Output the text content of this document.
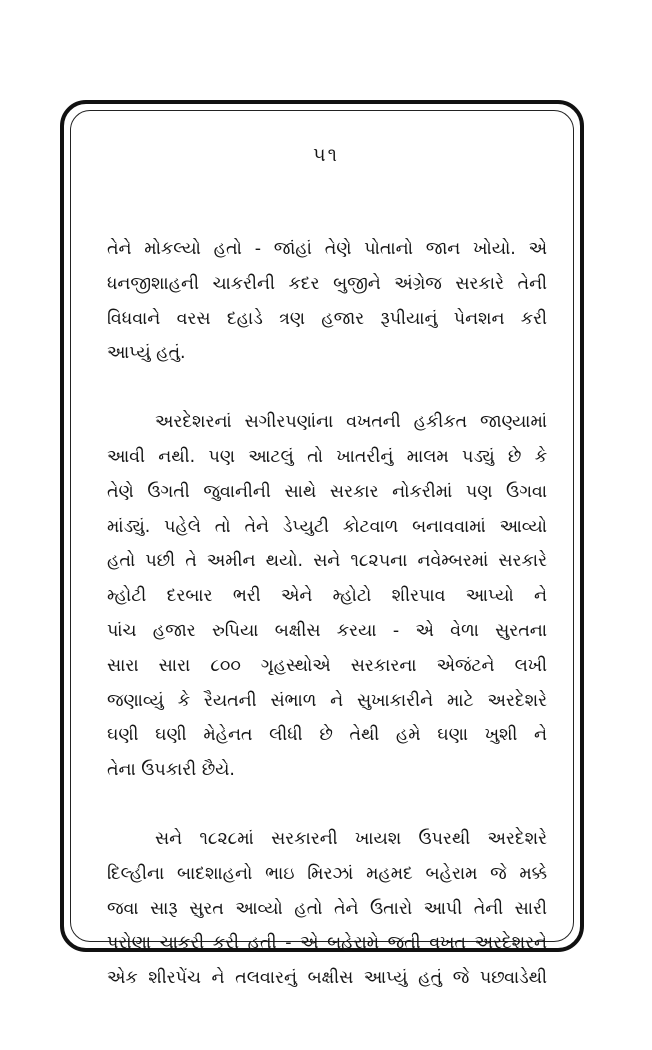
૫૧
તેને મોકલ્યો હતો - જાંહાં તેણે પોતાનો જાન ખોયો. એ
ધનજીશાહની ચાકરીની કદર બુજીને અંગ્રેજ સરકારે તેની
વિધવાને વરસ દહાડે ત્રણ હજાર રૂપીયાનું પેનશન કરી
આપ્યું હતું.
અરદેશરનાં સગીરપણાંના વખતની હકીકત જાણ્યામાં
આવી નથી. પણ આટલું તો ખાતરીનું માલમ પડ્યું છે કે
તેણે ઉગતી જુવાનીની સાથે સરકાર નોકરીમાં પણ ઉગવા
માંડ્યું. પહેલે તો તેને ડેપ્યુટી કોટવાળ બનાવવામાં આવ્યો
હતો પછી તે અમીન થયો. સને ૧૮૨૫ના નવેમ્બરમાં સરકારે
મ્હોટી દરબાર ભરી એને મ્હોટો શીરપાવ આપ્યો ને
પાંચ હજાર રુપિયા બક્ષીસ કરયા - એ વેળા સુરતના
સારા સારા ૮૦૦ ગૃહસ્થોએ સરકારના એજંટને લખી
જણાવ્યું કે રૈયતની સંભાળ ને સુખાકારીને માટે અરદેશરે
ઘણી ઘણી મેહેનત લીધી છે તેથી હમે ઘણા ખુશી ને
તેના ઉપકારી છૈયે.
સને ૧૮૨૮માં સરકારની ખાયશ ઉપરથી અરદેશરે
દિલ્હીના બાદશાહનો ભાઇ મિરઝાં મહમદ બહેરામ જે મક્કે
જવા સારૂ સુરત આવ્યો હતો તેને ઉતારો આપી તેની સારી
પરોણા ચાકરી કરી હતી - એ બહેરામે જતી વખત અરદેશરને
એક શીરપેંચ ને તલવારનું બક્ષીસ આપ્યું હતું જે પછ્વાડેથી
